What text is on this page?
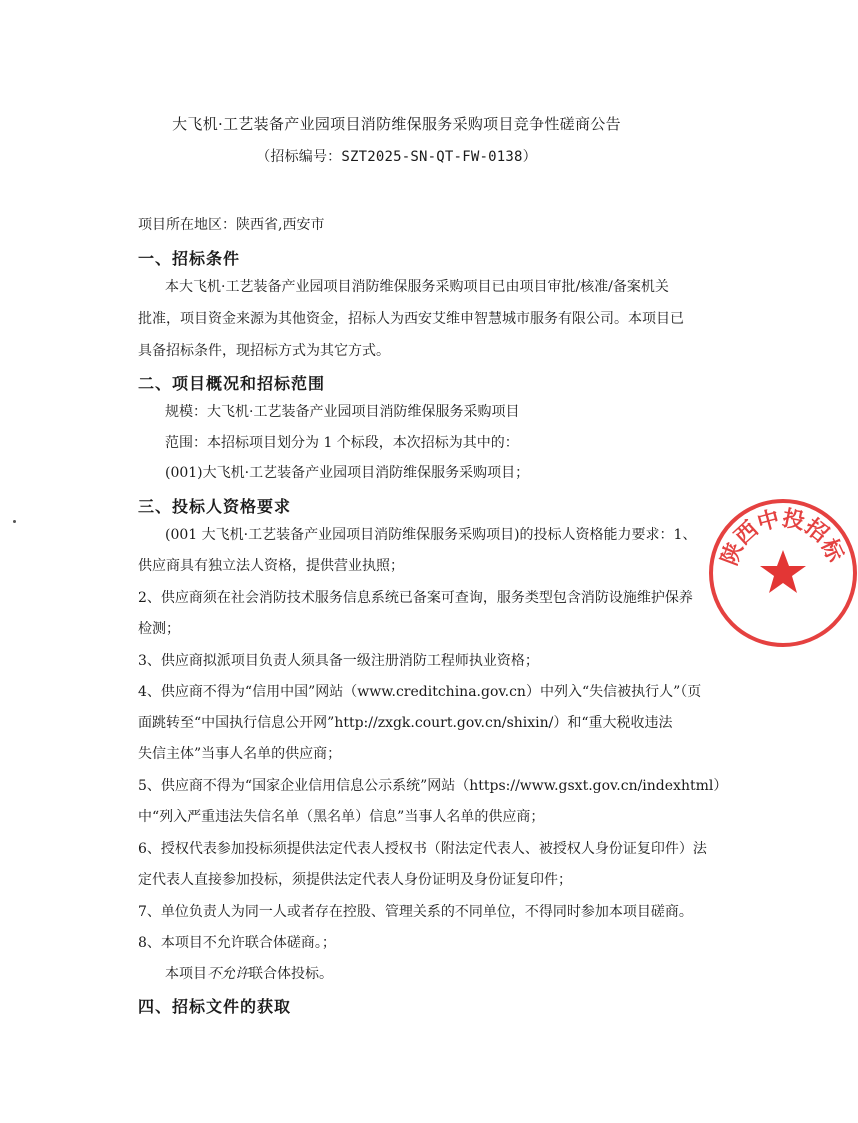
大飞机·工艺装备产业园项目消防维保服务采购项目竞争性磋商公告
（招标编号：SZT2025-SN-QT-FW-0138）
项目所在地区：陕西省,西安市
一、招标条件
本大飞机·工艺装备产业园项目消防维保服务采购项目已由项目审批/核准/备案机关
批准，项目资金来源为其他资金，招标人为西安艾维申智慧城市服务有限公司。本项目已
具备招标条件，现招标方式为其它方式。
二、项目概况和招标范围
规模：大飞机·工艺装备产业园项目消防维保服务采购项目
范围：本招标项目划分为 1 个标段，本次招标为其中的：
(001)大飞机·工艺装备产业园项目消防维保服务采购项目；
三、投标人资格要求
(001 大飞机·工艺装备产业园项目消防维保服务采购项目)的投标人资格能力要求：1、
供应商具有独立法人资格，提供营业执照；
2、供应商须在社会消防技术服务信息系统已备案可查询，服务类型包含消防设施维护保养
检测；
3、供应商拟派项目负责人须具备一级注册消防工程师执业资格；
4、供应商不得为“信用中国”网站（www.creditchina.gov.cn）中列入“失信被执行人”（页
面跳转至“中国执行信息公开网”http://zxgk.court.gov.cn/shixin/）和“重大税收违法
失信主体”当事人名单的供应商；
5、供应商不得为“国家企业信用信息公示系统”网站（https://www.gsxt.gov.cn/indexhtml）
中“列入严重违法失信名单（黑名单）信息”当事人名单的供应商；
6、授权代表参加投标须提供法定代表人授权书（附法定代表人、被授权人身份证复印件）法
定代表人直接参加投标，须提供法定代表人身份证明及身份证复印件；
7、单位负责人为同一人或者存在控股、管理关系的不同单位，不得同时参加本项目磋商。
8、本项目不允许联合体磋商。；
本项目不允许联合体投标。
四、招标文件的获取
陕西中投招标
